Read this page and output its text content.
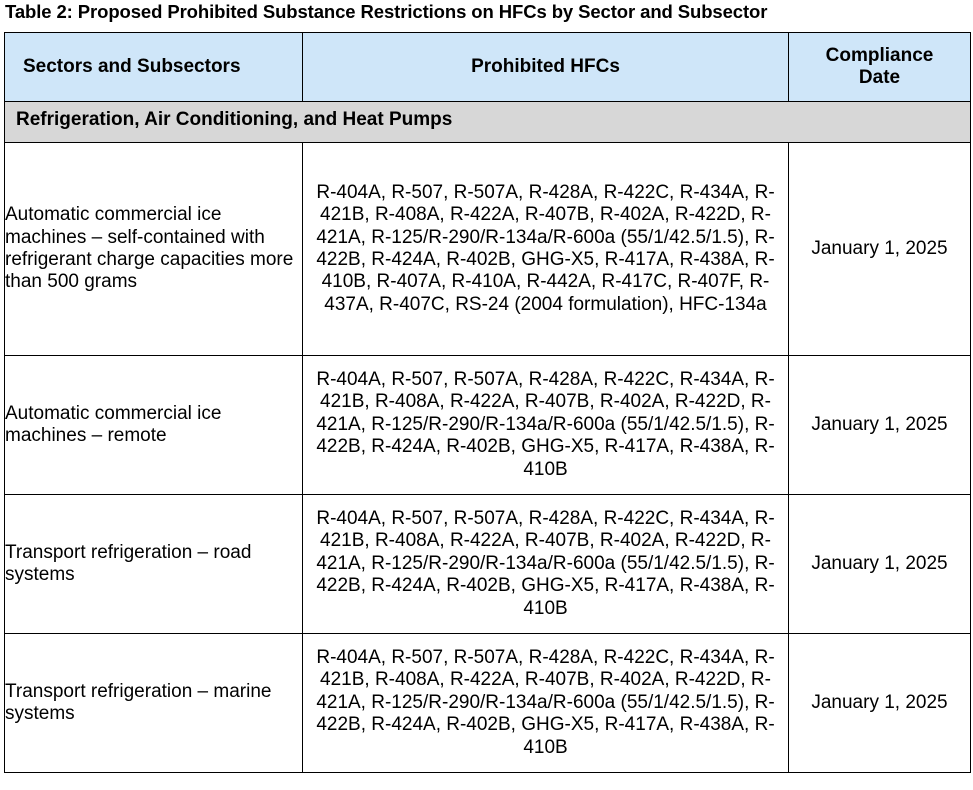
Table 2: Proposed Prohibited Substance Restrictions on HFCs by Sector and Subsector
Sectors and Subsectors	Prohibited HFCs	Compliance
Date
Refrigeration, Air Conditioning, and Heat Pumps		
Automatic commercial ice machines – self-contained with refrigerant charge capacities more than 500 grams	R-404A, R-507, R-507A, R-428A, R-422C, R-434A, R-421B, R-408A, R-422A, R-407B, R-402A, R-422D, R-421A, R-125/R-290/R-134a/R-600a (55/1/42.5/1.5), R-422B, R-424A, R-402B, GHG-X5, R-417A, R-438A, R-410B, R-407A, R-410A, R-442A, R-417C, R-407F, R-437A, R-407C, RS-24 (2004 formulation), HFC-134a	January 1, 2025
Automatic commercial ice machines – remote	R-404A, R-507, R-507A, R-428A, R-422C, R-434A, R-421B, R-408A, R-422A, R-407B, R-402A, R-422D, R-421A, R-125/R-290/R-134a/R-600a (55/1/42.5/1.5), R-422B, R-424A, R-402B, GHG-X5, R-417A, R-438A, R-410B	January 1, 2025
Transport refrigeration – road systems	R-404A, R-507, R-507A, R-428A, R-422C, R-434A, R-421B, R-408A, R-422A, R-407B, R-402A, R-422D, R-421A, R-125/R-290/R-134a/R-600a (55/1/42.5/1.5), R-422B, R-424A, R-402B, GHG-X5, R-417A, R-438A, R-410B	January 1, 2025
Transport refrigeration – marine systems	R-404A, R-507, R-507A, R-428A, R-422C, R-434A, R-421B, R-408A, R-422A, R-407B, R-402A, R-422D, R-421A, R-125/R-290/R-134a/R-600a (55/1/42.5/1.5), R-422B, R-424A, R-402B, GHG-X5, R-417A, R-438A, R-410B	January 1, 2025
